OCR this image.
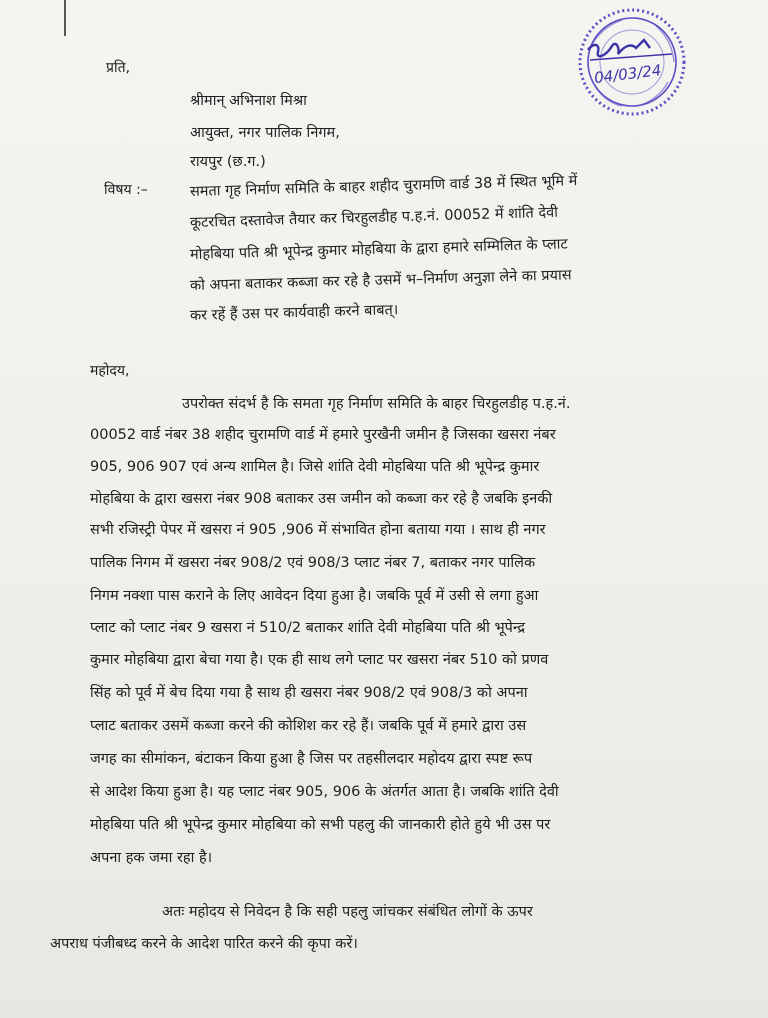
04/03/24
प्रति,
श्रीमान् अभिनाश मिश्रा
आयुक्त, नगर पालिक निगम,
रायपुर (छ.ग.)
विषय :–	समता गृह निर्माण समिति के बाहर शहीद चुरामणि वार्ड 38 में स्थित भूमि में
कूटरचित दस्तावेज तैयार कर चिरहुलडीह प.ह.नं. 00052 में शांति देवी
मोहबिया पति श्री भूपेन्द्र कुमार मोहबिया के द्वारा हमारे सम्मिलित के प्लाट
को अपना बताकर कब्जा कर रहे है उसमें भ–निर्माण अनुज्ञा लेने का प्रयास
कर रहें हैं उस पर कार्यवाही करने बाबत्।
महोदय,
उपरोक्त संदर्भ है कि समता गृह निर्माण समिति के बाहर चिरहुलडीह प.ह.नं.
00052 वार्ड नंबर 38 शहीद चुरामणि वार्ड में हमारे पुरखैनी जमीन है जिसका खसरा नंबर
905, 906 907 एवं अन्य शामिल है। जिसे शांति देवी मोहबिया पति श्री भूपेन्द्र कुमार
मोहबिया के द्वारा खसरा नंबर 908 बताकर उस जमीन को कब्जा कर रहे है जबकि इनकी
सभी रजिस्ट्री पेपर में खसरा नं 905 ,906 में संभावित होना बताया गया । साथ ही नगर
पालिक निगम में खसरा नंबर 908/2 एवं 908/3 प्लाट नंबर 7, बताकर नगर पालिक
निगम नक्शा पास कराने के लिए आवेदन दिया हुआ है। जबकि पूर्व में उसी से लगा हुआ
प्लाट को प्लाट नंबर 9 खसरा नं 510/2 बताकर शांति देवी मोहबिया पति श्री भूपेन्द्र
कुमार मोहबिया द्वारा बेचा गया है। एक ही साथ लगे प्लाट पर खसरा नंबर 510 को प्रणव
सिंह को पूर्व में बेच दिया गया है साथ ही खसरा नंबर 908/2 एवं 908/3 को अपना
प्लाट बताकर उसमें कब्जा करने की कोशिश कर रहे हैं। जबकि पूर्व में हमारे द्वारा उस
जगह का सीमांकन, बंटाकन किया हुआ है जिस पर तहसीलदार महोदय द्वारा स्पष्ट रूप
से आदेश किया हुआ है। यह प्लाट नंबर 905, 906 के अंतर्गत आता है। जबकि शांति देवी
मोहबिया पति श्री भूपेन्द्र कुमार मोहबिया को सभी पहलु की जानकारी होते हुये भी उस पर
अपना हक जमा रहा है।
अतः महोदय से निवेदन है कि सही पहलु जांचकर संबंधित लोगों के ऊपर
अपराध पंजीबध्द करने के आदेश पारित करने की कृपा करें।
